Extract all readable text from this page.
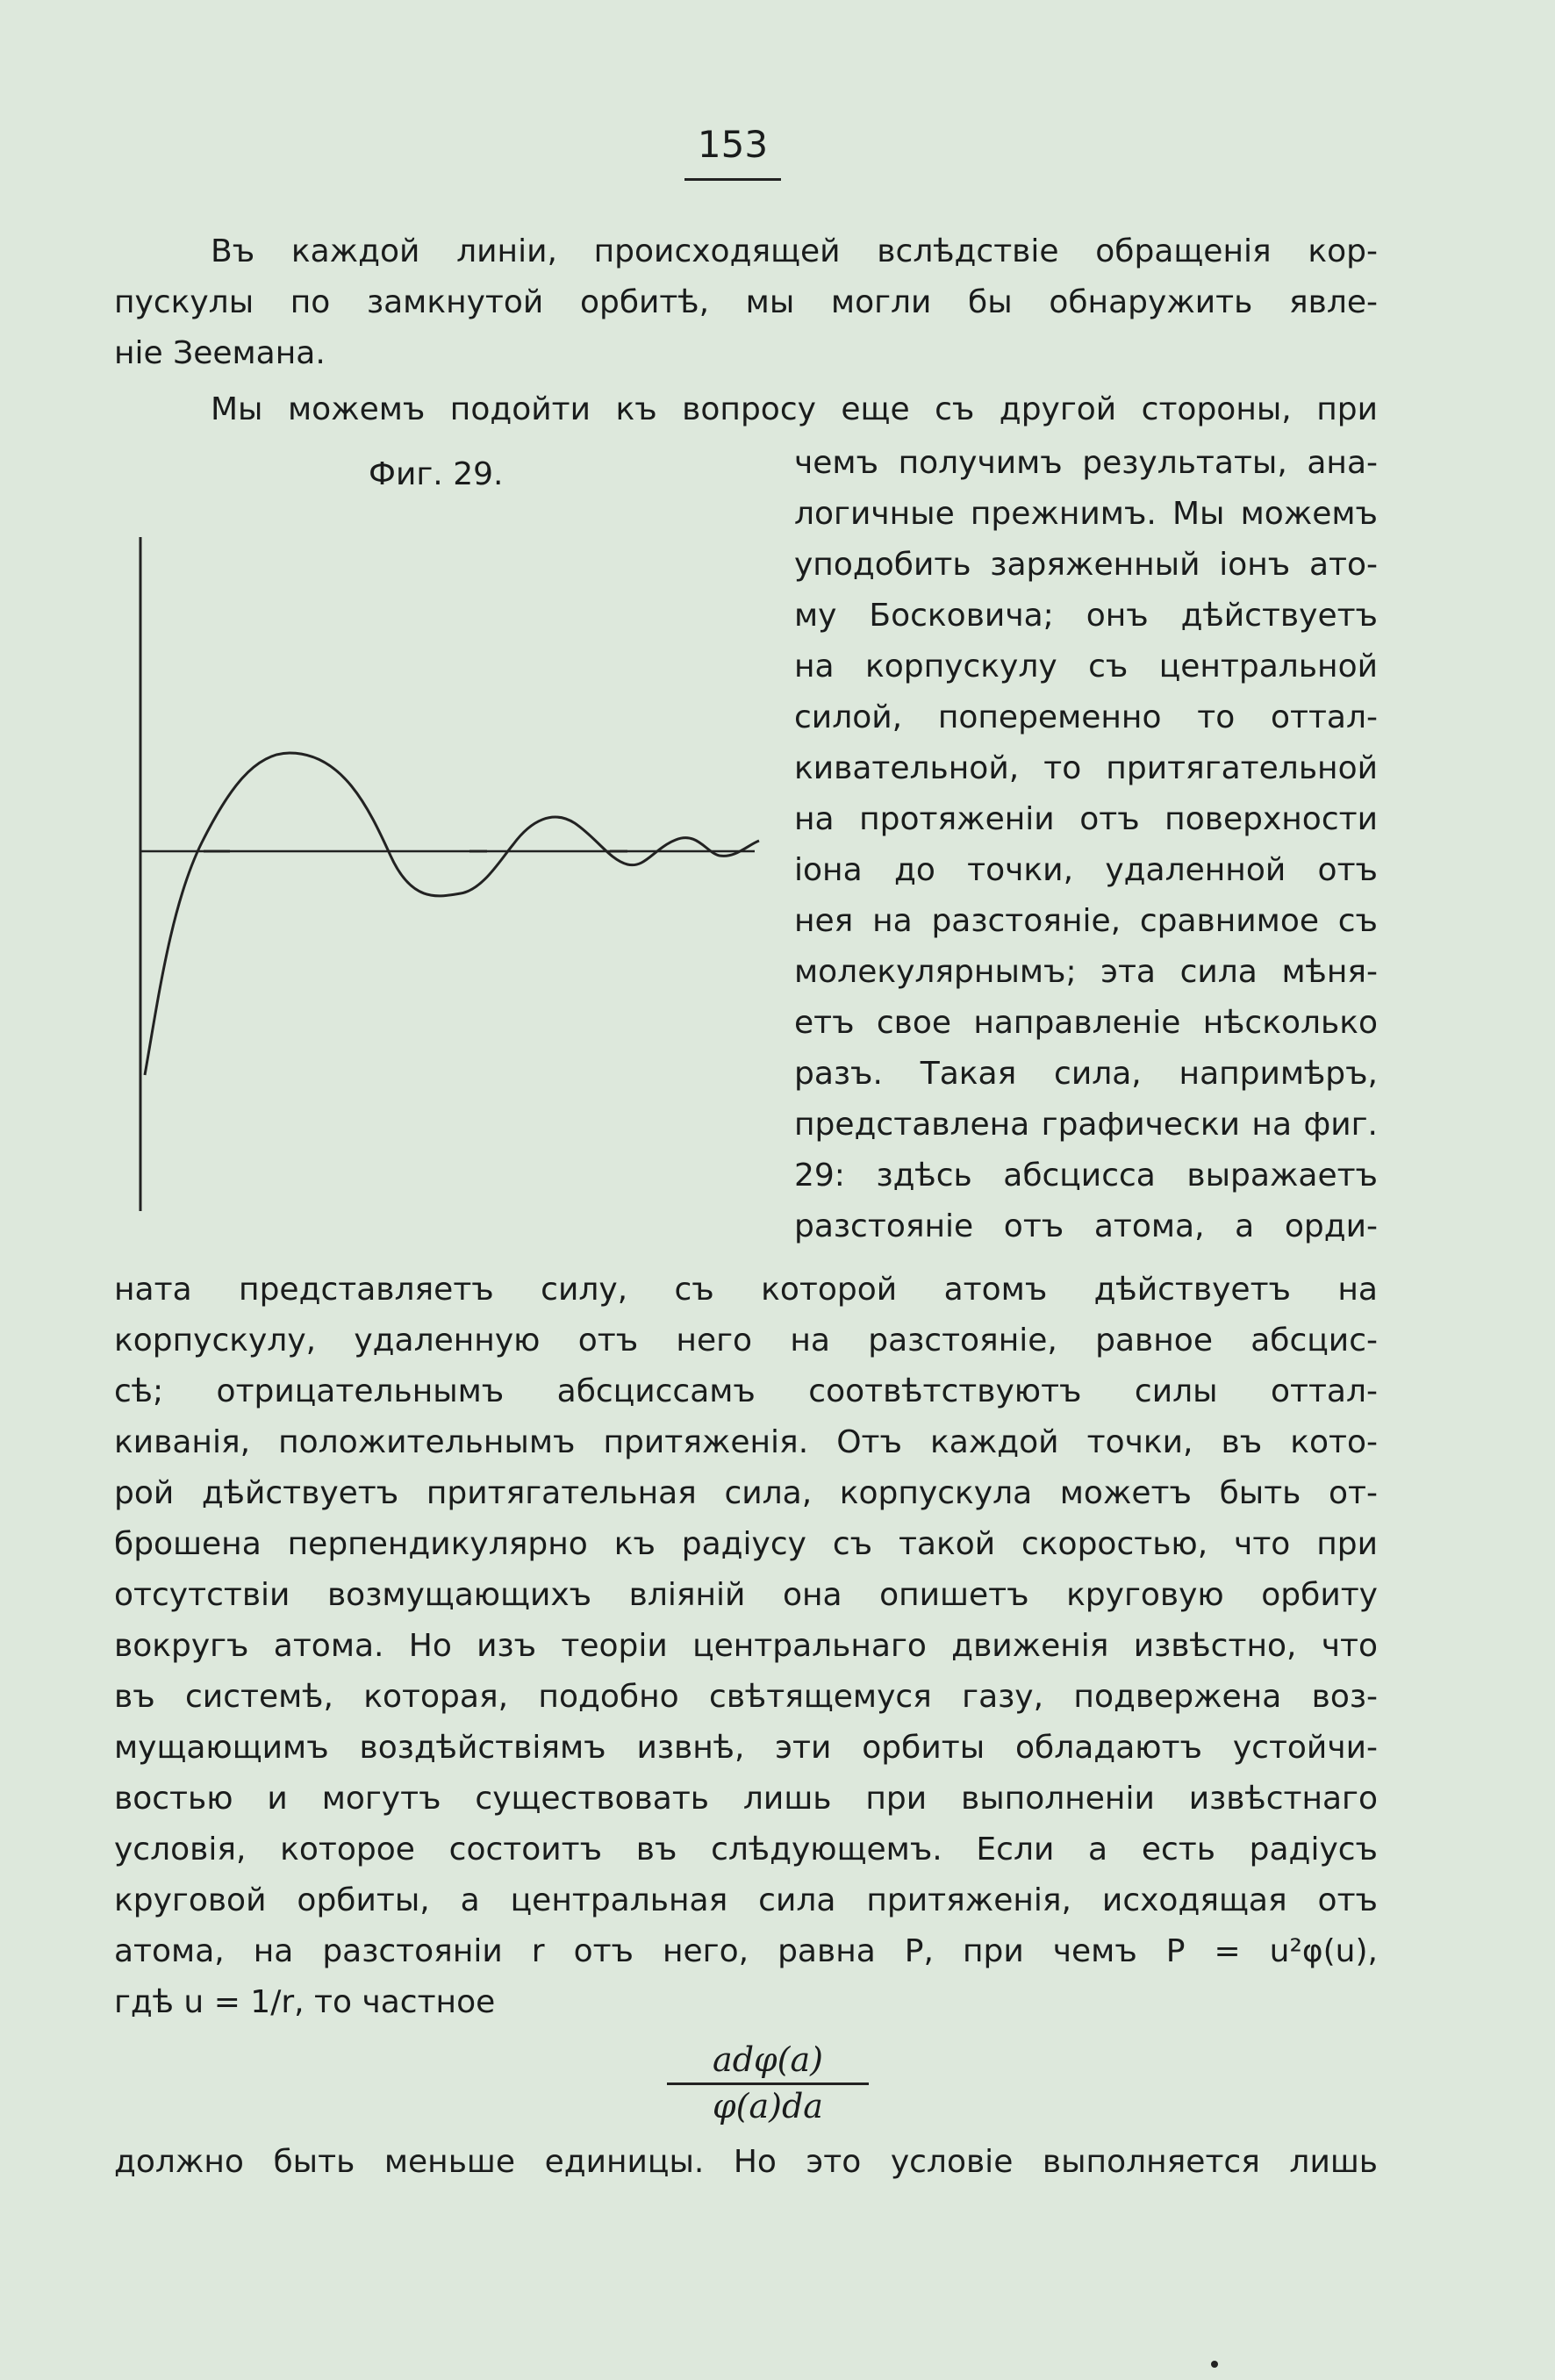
153
Въ каждой линіи, происходящей вслѣдствіе обращенія кор-
пускулы по замкнутой орбитѣ, мы могли бы обнаружить явле-
ніе Зеемана.
Мы можемъ подойти къ вопросу еще съ другой стороны, при
Фиг. 29.	чемъ получимъ результаты, ана-
логичные прежнимъ. Мы можемъ
уподобить заряженный іонъ ато-
му Босковича; онъ дѣйствуетъ
на корпускулу съ центральной
силой, попеременно то оттал-
кивательной, то притягательной
на протяженіи отъ поверхности
іона до точки, удаленной отъ
нея на разстояніе, сравнимое съ
молекулярнымъ; эта сила мѣня-
етъ свое направленіе нѣсколько
разъ. Такая сила, напримѣръ,
представлена графически на фиг.
29: здѣсь абсцисса выражаетъ
разстояніе отъ атома, а орди-
ната представляетъ силу, съ которой атомъ дѣйствуетъ на
корпускулу, удаленную отъ него на разстояніе, равное абсцис-
сѣ; отрицательнымъ абсциссамъ соотвѣтствуютъ силы оттал-
киванія, положительнымъ притяженія. Отъ каждой точки, въ кото-
рой дѣйствуетъ притягательная сила, корпускула можетъ быть от-
брошена перпендикулярно къ радіусу съ такой скоростью, что при
отсутствіи возмущающихъ вліяній она опишетъ круговую орбиту
вокругъ атома. Но изъ теоріи центральнаго движенія извѣстно, что
въ системѣ, которая, подобно свѣтящемуся газу, подвержена воз-
мущающимъ воздѣйствіямъ извнѣ, эти орбиты обладаютъ устойчи-
востью и могутъ существовать лишь при выполненіи извѣстнаго
условія, которое состоитъ въ слѣдующемъ. Если a есть радіусъ
круговой орбиты, а центральная сила притяженія, исходящая отъ
атома, на разстояніи r отъ него, равна P, при чемъ P = u²φ(u),
гдѣ u = 1/r, то частное
adφ(a)
φ(a)da
должно быть меньше единицы. Но это условіе выполняется лишь
